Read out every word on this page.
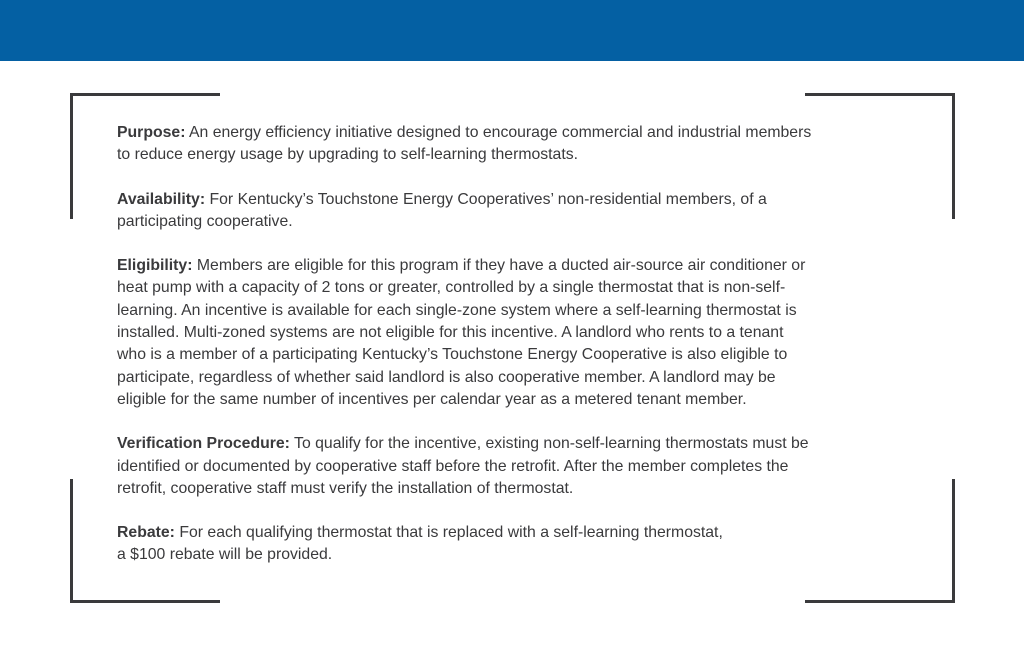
Purpose: An energy efficiency initiative designed to encourage commercial and industrial members
to reduce energy usage by upgrading to self-learning thermostats.
Availability: For Kentucky’s Touchstone Energy Cooperatives’ non-residential members, of a
participating cooperative.
Eligibility: Members are eligible for this program if they have a ducted air-source air conditioner or
heat pump with a capacity of 2 tons or greater, controlled by a single thermostat that is non-self-
learning. An incentive is available for each single-zone system where a self-learning thermostat is
installed. Multi-zoned systems are not eligible for this incentive. A landlord who rents to a tenant
who is a member of a participating Kentucky’s Touchstone Energy Cooperative is also eligible to
participate, regardless of whether said landlord is also cooperative member. A landlord may be
eligible for the same number of incentives per calendar year as a metered tenant member.
Verification Procedure: To qualify for the incentive, existing non-self-learning thermostats must be
identified or documented by cooperative staff before the retrofit. After the member completes the
retrofit, cooperative staff must verify the installation of thermostat.
Rebate: For each qualifying thermostat that is replaced with a self-learning thermostat,
a $100 rebate will be provided.
